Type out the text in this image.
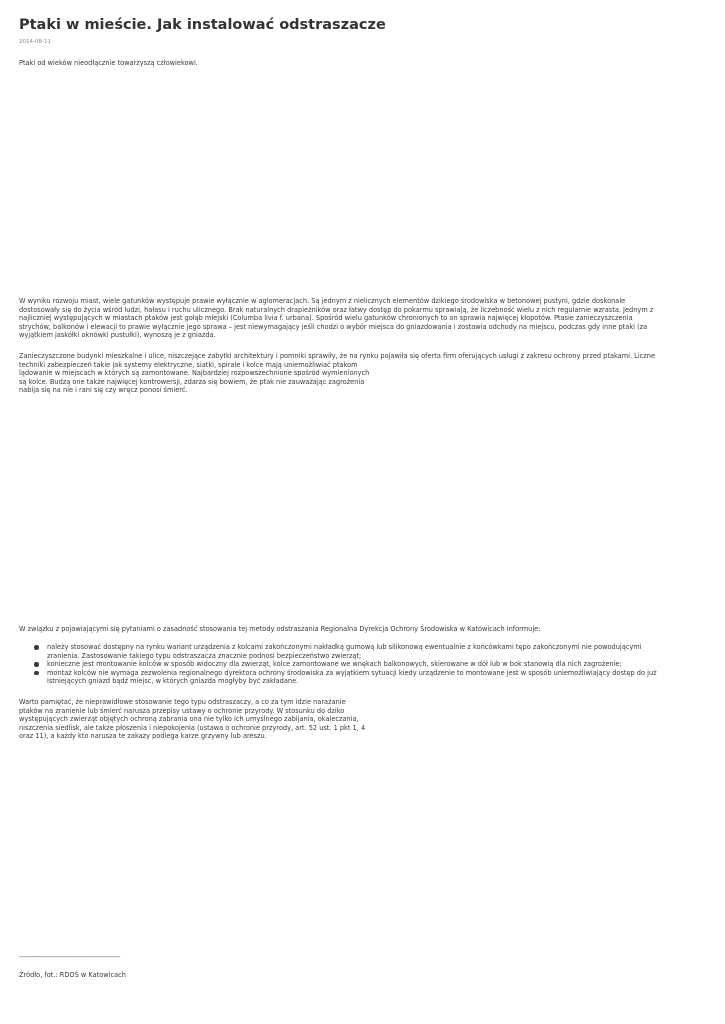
Ptaki w mieście. Jak instalować odstraszacze
2014-08-11

Ptaki od wieków nieodłącznie towarzyszą człowiekowi.

W wyniku rozwoju miast, wiele gatunków występuje prawie wyłącznie w aglomeracjach. Są jednym z nielicznych elementów dzikiego środowiska w betonowej pustyni, gdzie doskonale
dostosowały się do życia wśród ludzi, hałasu i ruchu ulicznego. Brak naturalnych drapieżników oraz łatwy dostęp do pokarmu sprawiają, że liczebność wielu z nich regularnie wzrasta. Jednym z
najliczniej występujących w miastach ptaków jest gołąb miejski (Columba livia f. urbana). Spośród wielu gatunków chronionych to on sprawia najwięcej kłopotów. Ptasie zanieczyszczenia
strychów, balkonów i elewacji to prawie wyłącznie jego sprawa – jest niewymagający jeśli chodzi o wybór miejsca do gniazdowania i zostawia odchody na miejscu, podczas gdy inne ptaki (za
wyjątkiem jaskółki oknówki pustułki), wynoszą je z gniazda.

Zanieczyszczone budynki mieszkalne i ulice, niszczejące zabytki architektury i pomniki sprawiły, że na rynku pojawiła się oferta firm oferujących usługi z zakresu ochrony przed ptakami. Liczne

techniki zabezpieczeń takie jak systemy elektryczne, siatki, spirale i kolce mają uniemożliwiać ptakom
lądowanie w miejscach w których są zamontowane. Najbardziej rozpowszechnione spośród wymienionych
są kolce. Budzą one także najwięcej kontrowersji, zdarza się bowiem, że ptak nie zauważając zagrożenia
nabija się na nie i rani się czy wręcz ponosi śmierć.

W związku z pojawiającymi się pytaniami o zasadność stosowania tej metody odstraszania Regionalna Dyrekcja Ochrony Środowiska w Katowicach informuje:

należy stosować dostępny na rynku wariant urządzenia z kolcami zakończonymi nakładką gumową lub silikonową ewentualnie z końcówkami tępo zakończonymi nie powodującymi
zranienia. Zastosowanie takiego typu odstraszacza znacznie podnosi bezpieczeństwo zwierząt;
konieczne jest montowanie kolców w sposób widoczny dla zwierząt, kolce zamontowane we wnękach balkonowych, skierowane w dół lub w bok stanowią dla nich zagrożenie;
montaż kolców nie wymaga zezwolenia regionalnego dyrektora ochrony środowiska za wyjątkiem sytuacji kiedy urządzenie to montowane jest w sposób uniemożliwiający dostęp do już
istniejących gniazd bądź miejsc, w których gniazda mogłyby być zakładane.

Warto pamiętać, że nieprawidłowe stosowanie tego typu odstraszaczy, a co za tym idzie narażanie
ptaków na zranienie lub śmierć narusza przepisy ustawy o ochronie przyrody. W stosunku do dziko
występujących zwierząt objętych ochroną zabrania ona nie tylko ich umyślnego zabijania, okaleczania,
niszczenia siedlisk, ale także płoszenia i niepokojenia (ustawa o ochronie przyrody, art. 52 ust. 1 pkt 1, 4
oraz 11), a każdy kto narusza te zakazy podlega karze grzywny lub areszu.

---------------------------------------------------
Źródło, fot.: RDOŚ w Katowicach
